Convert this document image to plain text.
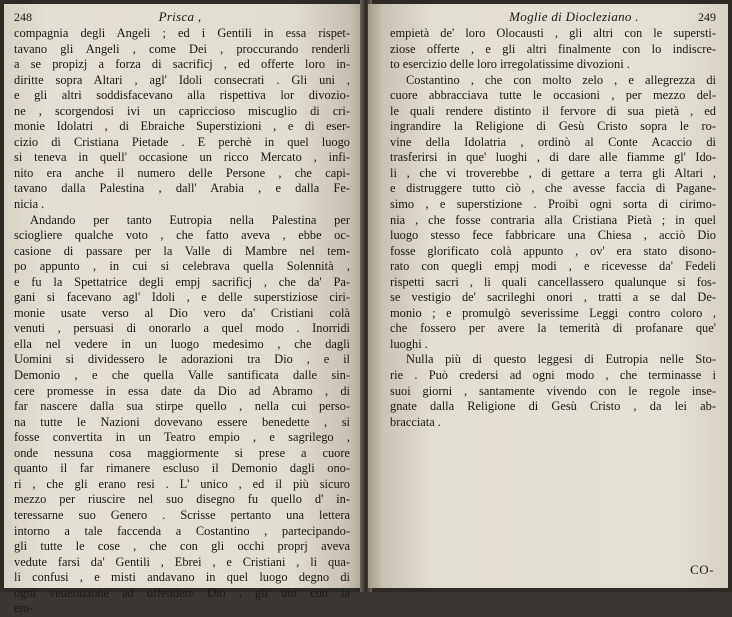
248	Prisca ,
compagnia degli Angeli ; ed i Gentili in essa rispet-
tavano gli Angeli , come Dei , proccurando renderli
a se propizj a forza di sacrificj , ed offerte loro in-
diritte sopra Altari , agl' Idoli consecrati . Gli uni ,
e gli altri soddisfacevano alla rispettiva lor divozio-
ne , scorgendosi ivi un capriccioso miscuglio di cri-
monie Idolatri , di Ebraiche Superstizioni , e di eser-
cizio di Cristiana Pietade . E perchè in quel luogo
si teneva in quell' occasione un ricco Mercato , infi-
nito era anche il numero delle Persone , che capi-
tavano dalla Palestina , dall' Arabia , e dalla Fe-
nicia .
Andando per tanto Eutropia nella Palestina per
sciogliere qualche voto , che fatto aveva , ebbe oc-
casione di passare per la Valle di Mambre nel tem-
po appunto , in cui si celebrava quella Solennità ,
e fu la Spettatrice degli empj sacrificj , che da' Pa-
gani si facevano agl' Idoli , e delle superstiziose ciri-
monie usate verso al Dio vero da' Cristiani colà
venuti , persuasi di onorarlo a quel modo . Inorridì
ella nel vedere in un luogo medesimo , che dagli
Uomini si dividessero le adorazioni tra Dio , e il
Demonio , e che quella Valle santificata dalle sin-
cere promesse in essa date da Dio ad Abramo , di
far nascere dalla sua stirpe quello , nella cui perso-
na tutte le Nazioni dovevano essere benedette , si
fosse convertita in un Teatro empio , e sagrilego ,
onde nessuna cosa maggiormente si prese a cuore
quanto il far rimanere escluso il Demonio dagli ono-
ri , che gli erano resi . L' unico , ed il più sicuro
mezzo per riuscire nel suo disegno fu quello d' in-
teressarne suo Genero . Scrisse pertanto una lettera
intorno a tale faccenda a Costantino , partecipando-
gli tutte le cose , che con gli occhi proprj aveva
vedute farsi da' Gentili , Ebrei , e Cristiani , li qua-
li confusi , e misti andavano in quel luogo degno di
ogni venerazione ad offendere Dio , gli uni con la
em-
Moglie di Diocleziano .	249
empietà de' loro Olocausti , gli altri con le supersti-
ziose offerte , e gli altri finalmente con lo indiscre-
to esercizio delle loro irregolatissime divozioni .
Costantino , che con molto zelo , e allegrezza di
cuore abbracciava tutte le occasioni , per mezzo del-
le quali rendere distinto il fervore di sua pietà , ed
ingrandire la Religione di Gesù Cristo sopra le ro-
vine della Idolatria , ordinò al Conte Acaccio di
trasferirsi in que' luoghi , di dare alle fiamme gl' Ido-
li , che vi troverebbe , di gettare a terra gli Altari ,
e distruggere tutto ciò , che avesse faccia di Pagane-
simo , e superstizione . Proibì ogni sorta di cirimo-
nia , che fosse contraria alla Cristiana Pietà ; in quel
luogo stesso fece fabbricare una Chiesa , acciò Dio
fosse glorificato colà appunto , ov' era stato disono-
rato con quegli empj modi , e ricevesse da' Fedeli
rispetti sacri , li quali cancellassero qualunque si fos-
se vestigio de' sacrileghi onori , tratti a se dal De-
monio ; e promulgò severissime Leggi contro coloro ,
che fossero per avere la temerità di profanare que'
luoghi .
Nulla più di questo leggesi di Eutropia nelle Sto-
rie . Può credersi ad ogni modo , che terminasse i
suoi giorni , santamente vivendo con le regole inse-
gnate dalla Religione di Gesù Cristo , da lei ab-
bracciata .
CO-
